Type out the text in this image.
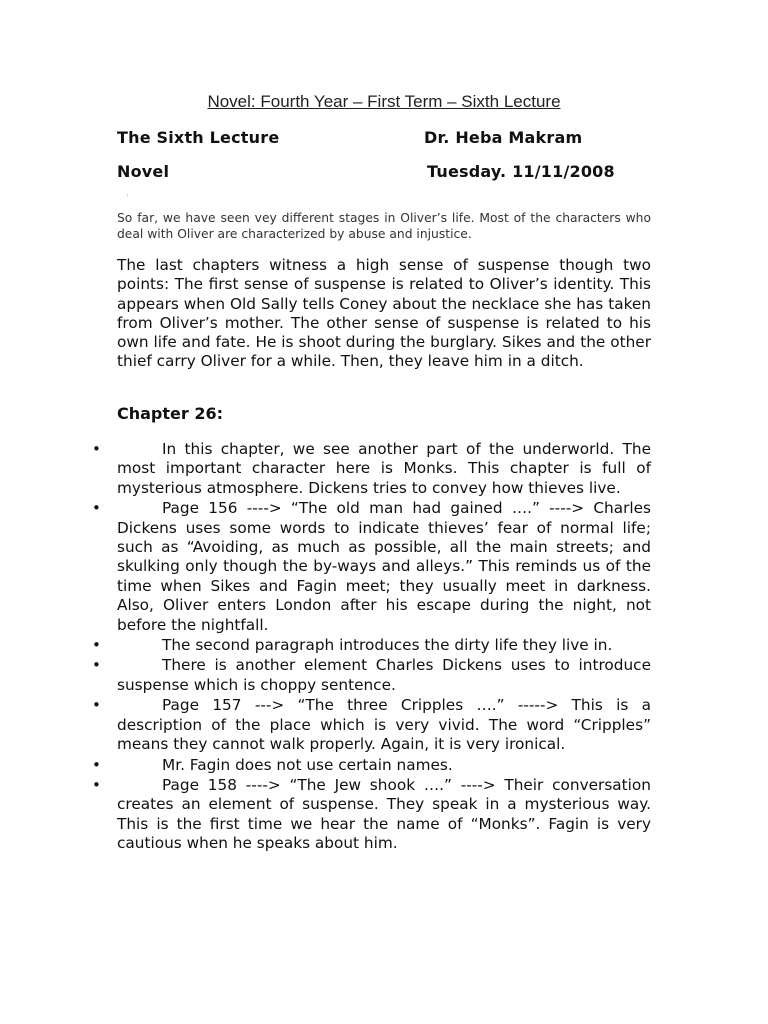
Novel: Fourth Year – First Term – Sixth Lecture
The Sixth Lecture	Dr. Heba Makram
Novel	Tuesday. 11/11/2008
'
So far, we have seen vey different stages in Oliver’s life. Most of the characters who deal with Oliver are characterized by abuse and injustice.
The last chapters witness a high sense of suspense though two points: The first sense of suspense is related to Oliver’s identity. This appears when Old Sally tells Coney about the necklace she has taken from Oliver’s mother. The other sense of suspense is related to his own life and fate. He is shoot during the burglary. Sikes and the other thief carry Oliver for a while. Then, they leave him in a ditch.
Chapter 26:
•	In this chapter, we see another part of the underworld. The most important character here is Monks. This chapter is full of mysterious atmosphere. Dickens tries to convey how thieves live.
•	Page 156 ----> “The old man had gained ….” ----> Charles Dickens uses some words to indicate thieves’ fear of normal life; such as “Avoiding, as much as possible, all the main streets; and skulking only though the by-ways and alleys.” This reminds us of the time when Sikes and Fagin meet; they usually meet in darkness. Also, Oliver enters London after his escape during the night, not before the nightfall.
•	The second paragraph introduces the dirty life they live in.
•	There is another element Charles Dickens uses to introduce suspense which is choppy sentence.
•	Page 157 ---> “The three Cripples ….” -----> This is a description of the place which is very vivid. The word “Cripples” means they cannot walk properly. Again, it is very ironical.
•	Mr. Fagin does not use certain names.
•	Page 158 ----> “The Jew shook ….” ----> Their conversation creates an element of suspense. They speak in a mysterious way. This is the first time we hear the name of “Monks”. Fagin is very cautious when he speaks about him.
